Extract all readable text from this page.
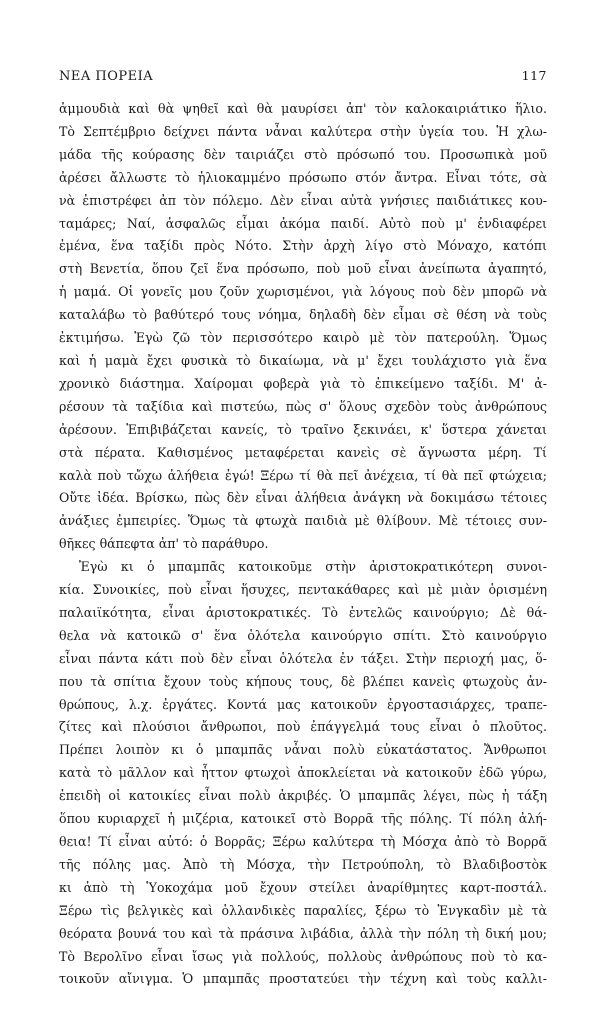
ΝΕΑ ΠΟΡΕΙΑ	117

ἀμμουδιὰ καὶ θὰ ψηθεῖ καὶ θὰ μαυρίσει ἀπ' τὸν καλοκαιριάτικο ἥλιο.
Τὸ Σεπτέμβριο δείχνει πάντα νἆναι καλύτερα στὴν ὑγεία του. Ἡ χλω-
μάδα τῆς κούρασης δὲν ταιριάζει στὸ πρόσωπό του. Προσωπικὰ μοῦ
ἀρέσει ἄλλωστε τὸ ἡλιοκαμμένο πρόσωπο στόν ἄντρα. Εἶναι τότε, σὰ
νὰ ἐπιστρέφει ἀπ τὸν πόλεμο. Δὲν εἶναι αὐτὰ γνήσιες παιδιάτικες κου-
ταμάρες; Ναί, ἀσφαλῶς εἶμαι ἀκόμα παιδί. Αὐτὸ ποὺ μ' ἐνδιαφέρει
ἐμένα, ἕνα ταξίδι πρὸς Νότο. Στὴν ἀρχὴ λίγο στὸ Μόναχο, κατόπι
στὴ Βενετία, ὅπου ζεῖ ἕνα πρόσωπο, ποὺ μοῦ εἶναι ἀνείπωτα ἀγαπητό,
ἡ μαμά. Οἱ γονεῖς μου ζοῦν χωρισμένοι, γιὰ λόγους ποὺ δὲν μπορῶ νὰ
καταλάβω τὸ βαθύτερό τους νόημα, δηλαδὴ δὲν εἶμαι σὲ θέση νὰ τοὺς
ἐκτιμήσω. Ἐγὼ ζῶ τὸν περισσότερο καιρὸ μὲ τὸν πατερούλη. Ὅμως
καὶ ἡ μαμὰ ἔχει φυσικὰ τὸ δικαίωμα, νὰ μ' ἔχει τουλάχιστο γιὰ ἕνα
χρονικὸ διάστημα. Χαίρομαι φοβερὰ γιὰ τὸ ἐπικείμενο ταξίδι. Μ' ἀ-
ρέσουν τὰ ταξίδια καὶ πιστεύω, πὼς σ' ὅλους σχεδὸν τοὺς ἀνθρώπους
ἀρέσουν. Ἐπιβιβάζεται κανείς, τὸ τραῖνο ξεκινάει, κ' ὕστερα χάνεται
στὰ πέρατα. Καθισμένος μεταφέρεται κανεὶς σὲ ἄγνωστα μέρη. Τί
καλὰ ποὺ τὤχω ἀλήθεια ἐγώ! Ξέρω τί θὰ πεῖ ἀνέχεια, τί θὰ πεῖ φτώχεια;
Οὔτε ἰδέα. Βρίσκω, πὼς δὲν εἶναι ἀλήθεια ἀνάγκη νὰ δοκιμάσω τέτοιες
ἀνάξιες ἐμπειρίες. Ὅμως τὰ φτωχὰ παιδιὰ μὲ θλίβουν. Μὲ τέτοιες συν-
θῆκες θάπεφτα ἀπ' τὸ παράθυρο.

Ἐγὼ κι ὁ μπαμπᾶς κατοικοῦμε στὴν ἀριστοκρατικότερη συνοι-
κία. Συνοικίες, ποὺ εἶναι ἥσυχες, πεντακάθαρες καὶ μὲ μιὰν ὁρισμένη
παλαιϊκότητα, εἶναι ἀριστοκρατικές. Τὸ ἐντελῶς καινούργιο; Δὲ θά-
θελα νὰ κατοικῶ σ' ἕνα ὁλότελα καινούργιο σπίτι. Στὸ καινούργιο
εἶναι πάντα κάτι ποὺ δὲν εἶναι ὁλότελα ἐν τάξει. Στὴν περιοχή μας, ὅ-
που τὰ σπίτια ἔχουν τοὺς κήπους τους, δὲ βλέπει κανεὶς φτωχοὺς ἀν-
θρώπους, λ.χ. ἐργάτες. Κοντά μας κατοικοῦν ἐργοστασιάρχες, τραπε-
ζίτες καὶ πλούσιοι ἄνθρωποι, ποὺ ἐπάγγελμά τους εἶναι ὁ πλοῦτος.
Πρέπει λοιπὸν κι ὁ μπαμπᾶς νἆναι πολὺ εὐκατάστατος. Ἄνθρωποι
κατὰ τὸ μᾶλλον καὶ ἧττον φτωχοὶ ἀποκλείεται νὰ κατοικοῦν ἐδῶ γύρω,
ἐπειδὴ οἱ κατοικίες εἶναι πολὺ ἀκριβές. Ὁ μπαμπᾶς λέγει, πὼς ἡ τάξη
ὅπου κυριαρχεῖ ἡ μιζέρια, κατοικεῖ στὸ Βορρᾶ τῆς πόλης. Τί πόλη ἀλή-
θεια! Τί εἶναι αὐτό: ὁ Βορρᾶς; Ξέρω καλύτερα τὴ Μόσχα ἀπὸ τὸ Βορρᾶ
τῆς πόλης μας. Ἀπὸ τὴ Μόσχα, τὴν Πετρούπολη, τὸ Βλαδιβοστὸκ
κι ἀπὸ τὴ Ὑοκοχάμα μοῦ ἔχουν στείλει ἀναρίθμητες καρτ-ποστάλ.
Ξέρω τὶς βελγικὲς καὶ ὁλλανδικὲς παραλίες, ξέρω τὸ Ἐνγκαδὶν μὲ τὰ
θεόρατα βουνά του καὶ τὰ πράσινα λιβάδια, ἀλλὰ τὴν πόλη τὴ δική μου;
Τὸ Βερολῖνο εἶναι ἴσως γιὰ πολλούς, πολλοὺς ἀνθρώπους ποὺ τὸ κα-
τοικοῦν αἴνιγμα. Ὁ μπαμπᾶς προστατεύει τὴν τέχνη καὶ τοὺς καλλι-
